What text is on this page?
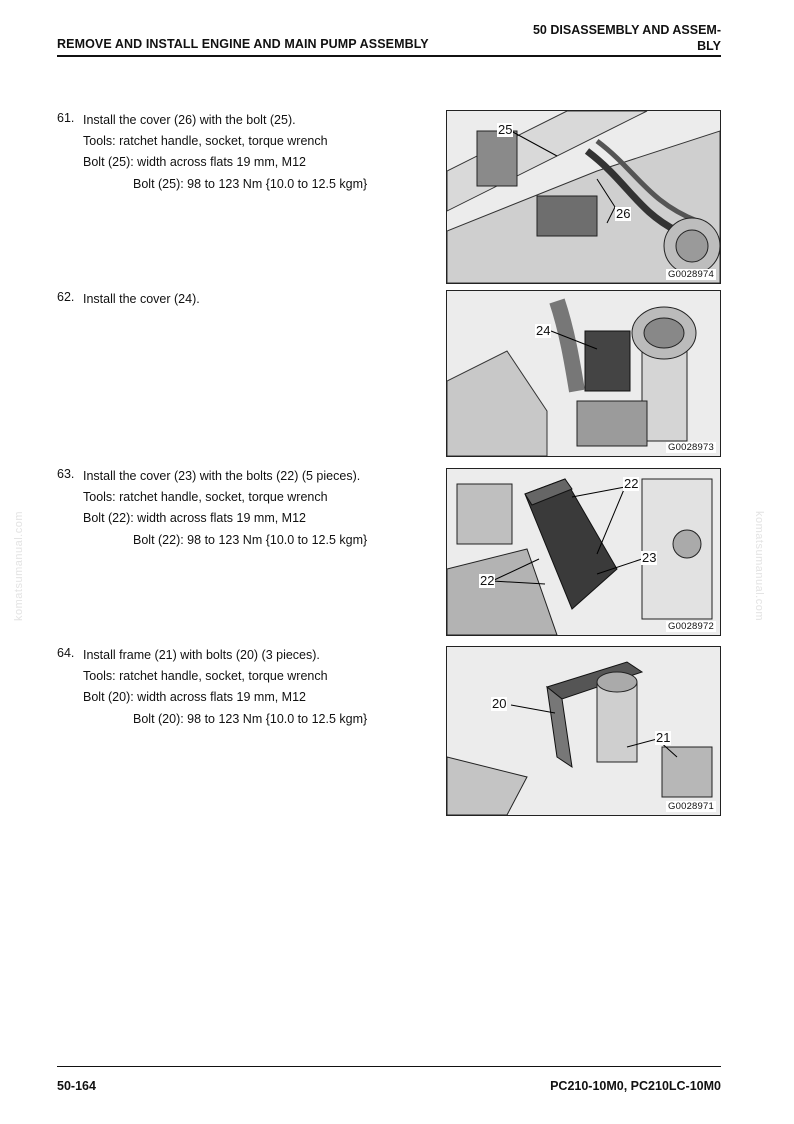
50 DISASSEMBLY AND ASSEM-
BLY
REMOVE AND INSTALL ENGINE AND MAIN PUMP ASSEMBLY
komatsumanual.com	komatsumanual.com
61. Install the cover (26) with the bolt (25).
Tools: ratchet handle, socket, torque wrench
Bolt (25): width across flats 19 mm, M12
Bolt (25): 98 to 123 Nm {10.0 to 12.5 kgm}
25
26
G0028974
62. Install the cover (24).
24
G0028973
63. Install the cover (23) with the bolts (22) (5 pieces).
Tools: ratchet handle, socket, torque wrench
Bolt (22): width across flats 19 mm, M12
Bolt (22): 98 to 123 Nm {10.0 to 12.5 kgm}
22
23
22
G0028972
64. Install frame (21) with bolts (20) (3 pieces).
Tools: ratchet handle, socket, torque wrench
Bolt (20): width across flats 19 mm, M12
Bolt (20): 98 to 123 Nm {10.0 to 12.5 kgm}
20
21
G0028971
50-164	PC210-10M0, PC210LC-10M0
